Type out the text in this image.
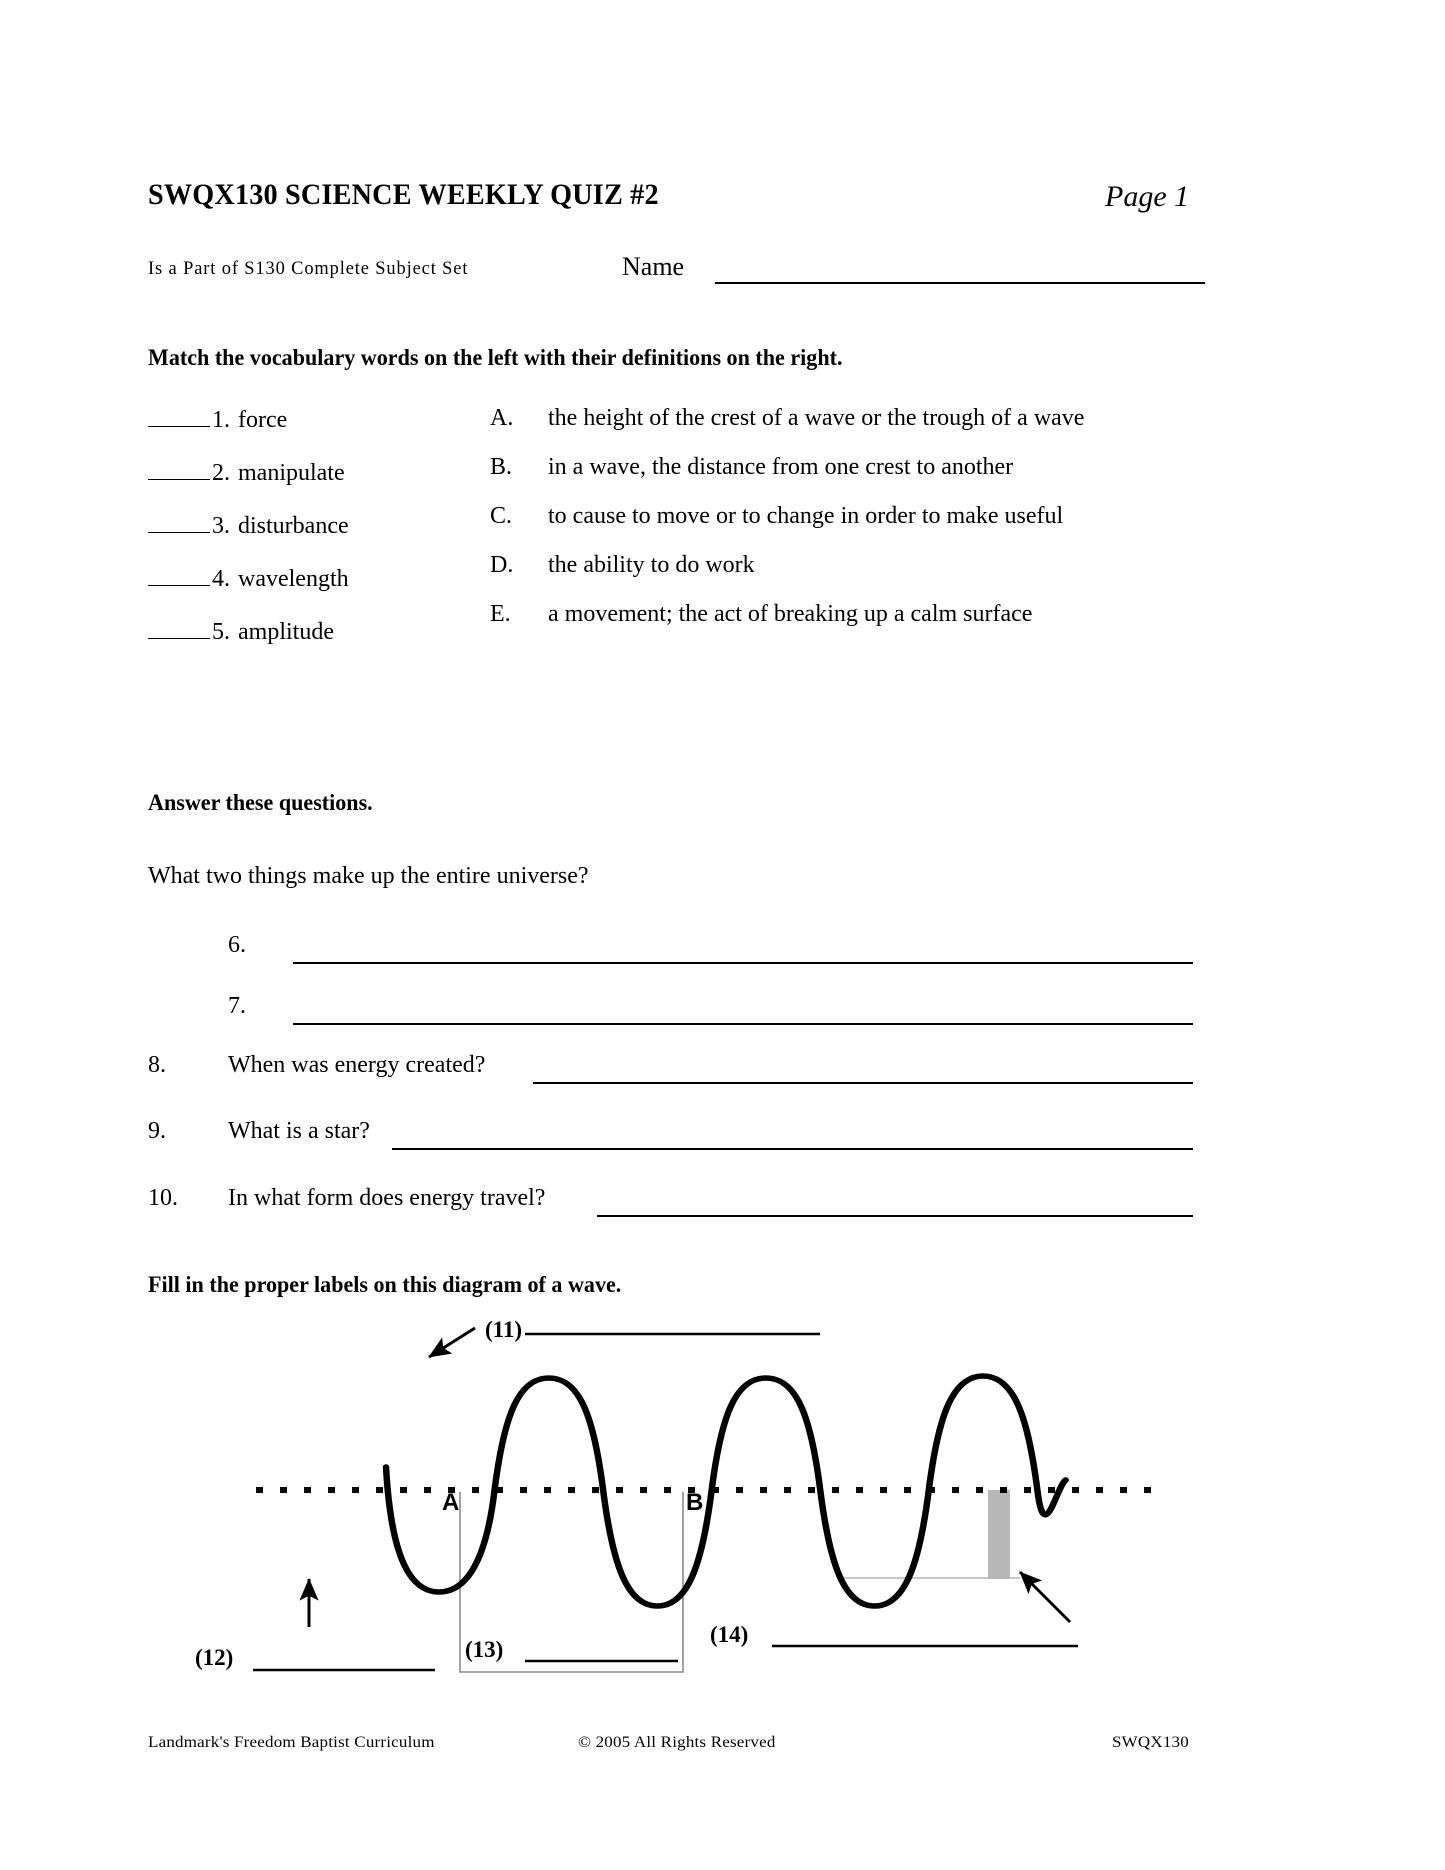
SWQX130 SCIENCE WEEKLY QUIZ #2	Page 1
Is a Part of S130 Complete Subject Set	Name
Match the vocabulary words on the left with their definitions on the right.
1. force
2. manipulate
3. disturbance
4. wavelength
5. amplitude
A. the height of the crest of a wave or the trough of a wave
B. in a wave, the distance from one crest to another
C. to cause to move or to change in order to make useful
D. the ability to do work
E. a movement; the act of breaking up a calm surface
Answer these questions.
What two things make up the entire universe?
6.
7.
8.	When was energy created?
9.	What is a star?
10. In what form does energy travel?
Fill in the proper labels on this diagram of a wave.
(11)
(12)	(13)
(14)
A	B
Landmark's Freedom Baptist Curriculum	© 2005 All Rights Reserved	SWQX130
